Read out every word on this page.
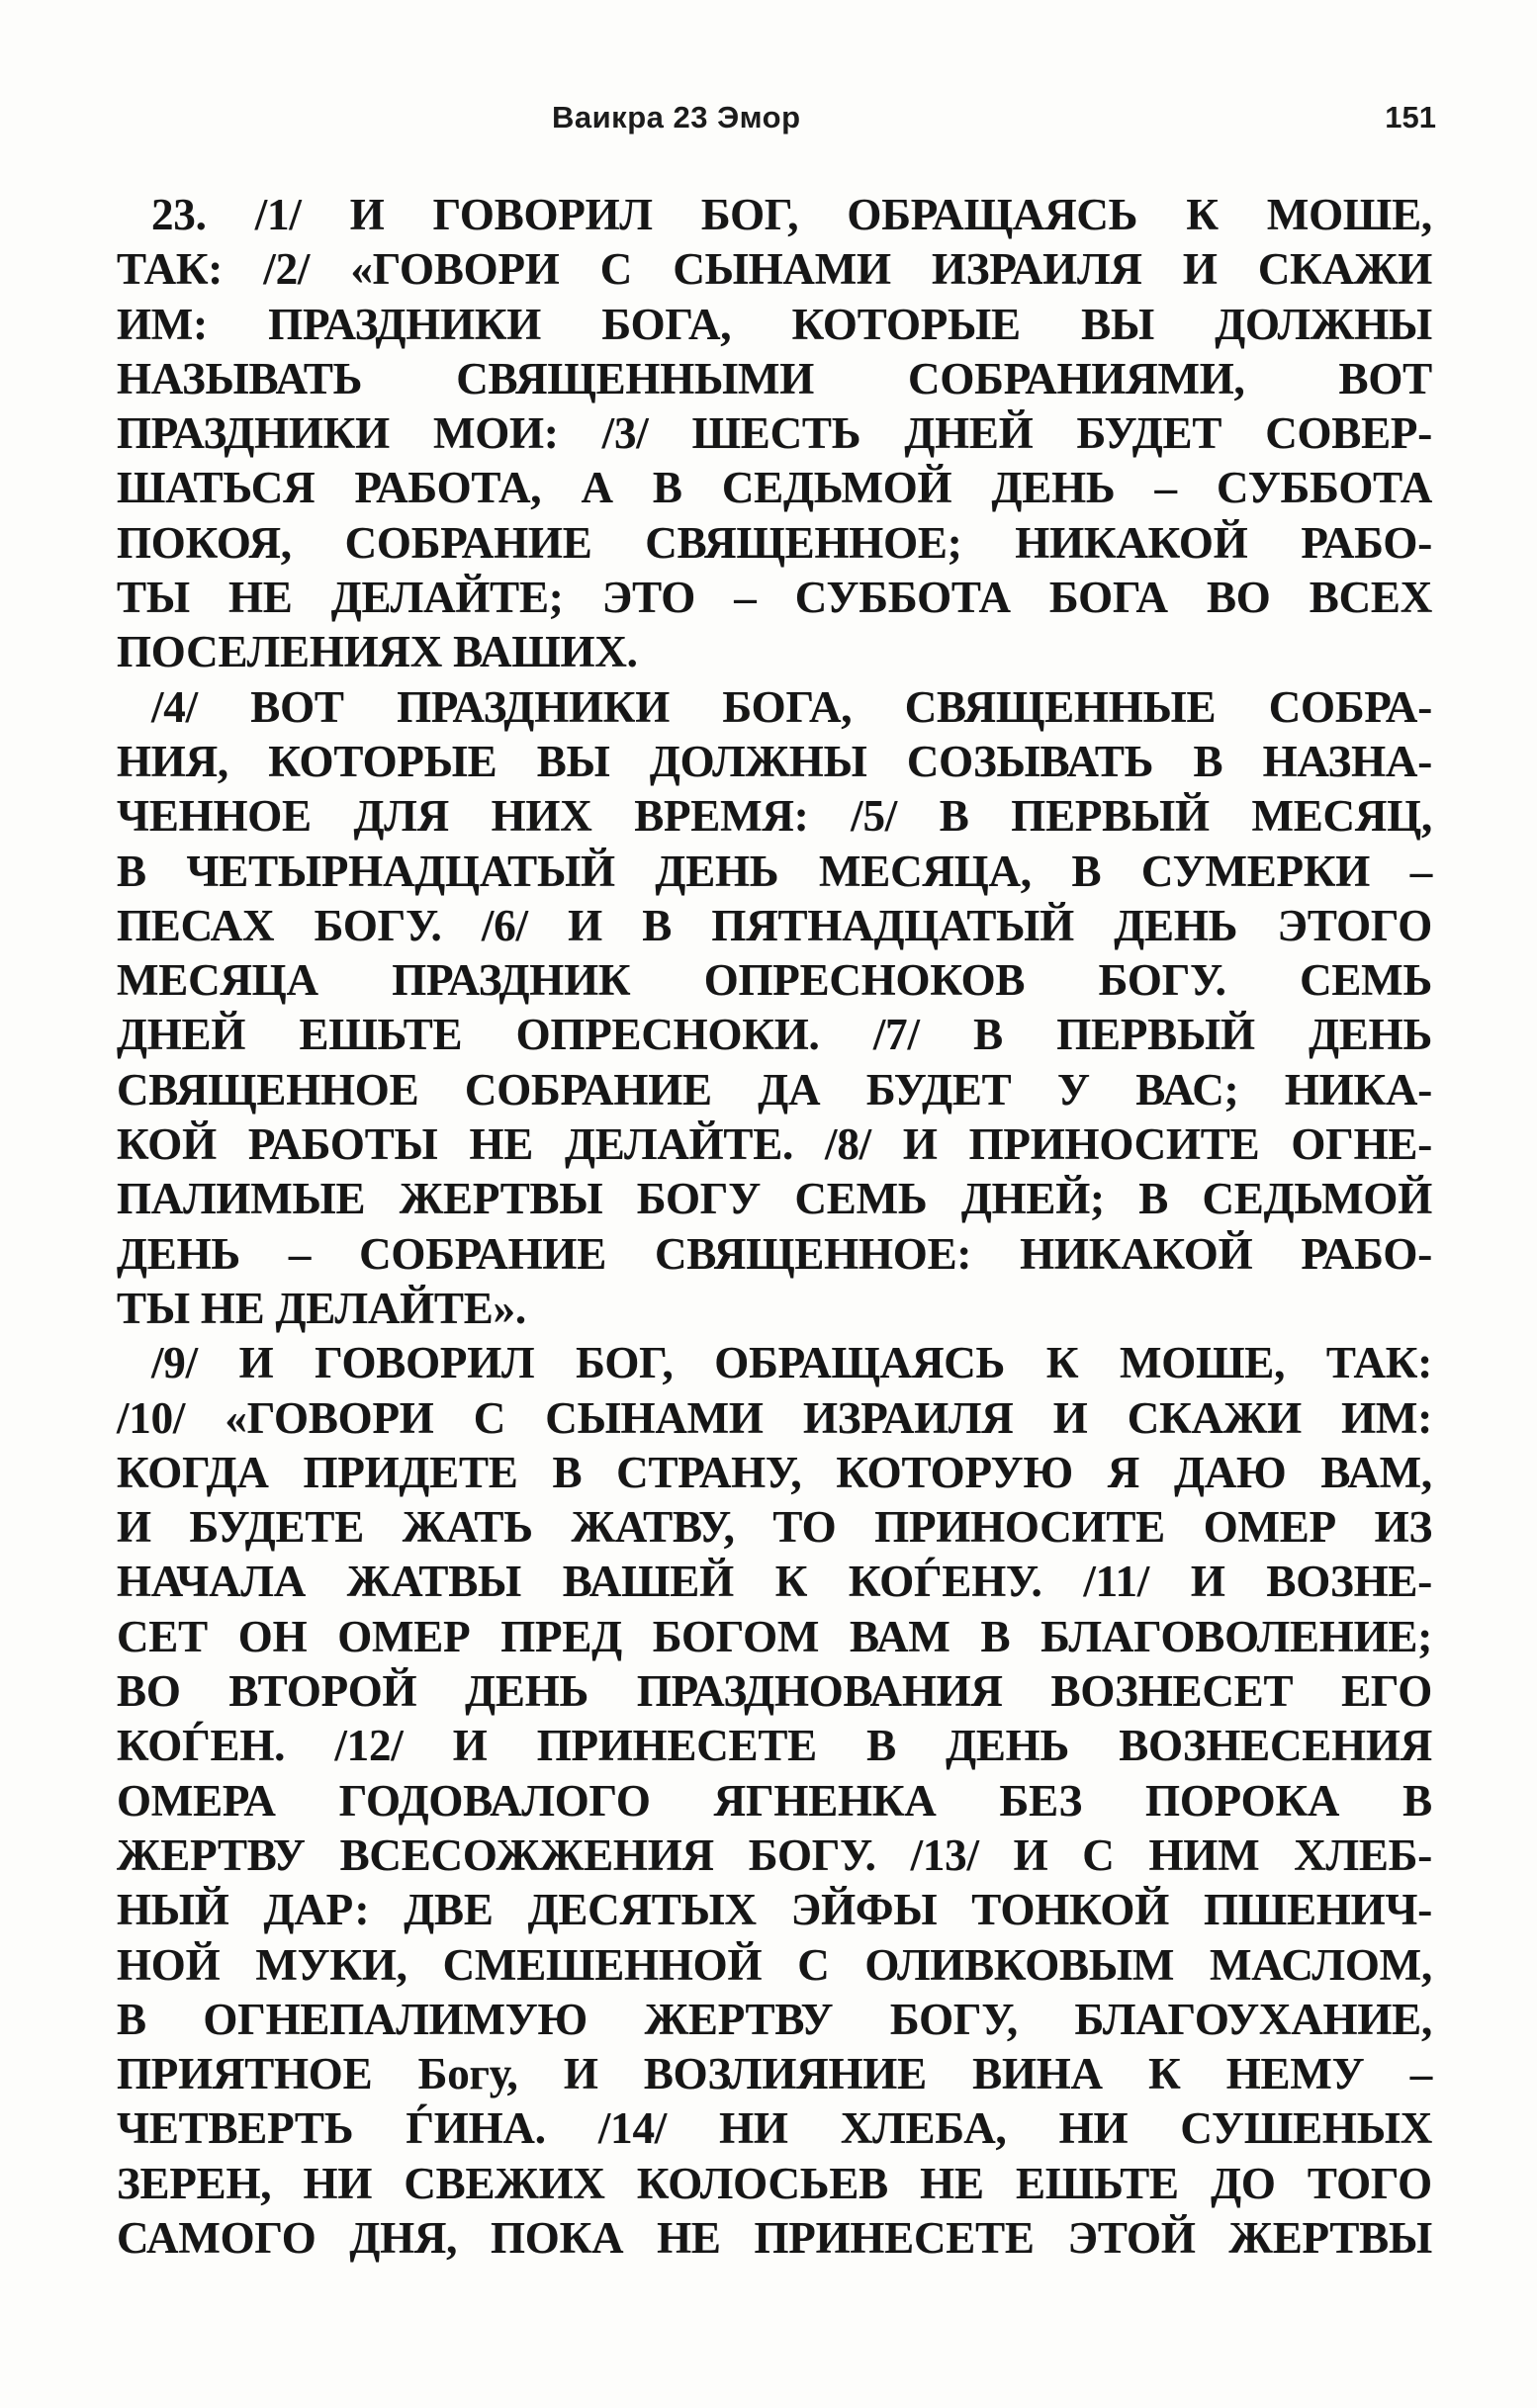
Ваикра 23 Эмор	151
23. /1/ И ГОВОРИЛ БОГ, ОБРАЩАЯСЬ К МОШЕ,
ТАК: /2/ «ГОВОРИ С СЫНАМИ ИЗРАИЛЯ И СКАЖИ
ИМ: ПРАЗДНИКИ БОГА, КОТОРЫЕ ВЫ ДОЛЖНЫ
НАЗЫВАТЬ СВЯЩЕННЫМИ СОБРАНИЯМИ, ВОТ
ПРАЗДНИКИ МОИ: /3/ ШЕСТЬ ДНЕЙ БУДЕТ СОВЕР-
ШАТЬСЯ РАБОТА, А В СЕДЬМОЙ ДЕНЬ – СУББОТА
ПОКОЯ, СОБРАНИЕ СВЯЩЕННОЕ; НИКАКОЙ РАБО-
ТЫ НЕ ДЕЛАЙТЕ; ЭТО – СУББОТА БОГА ВО ВСЕХ
ПОСЕЛЕНИЯХ ВАШИХ.
/4/ ВОТ ПРАЗДНИКИ БОГА, СВЯЩЕННЫЕ СОБРА-
НИЯ, КОТОРЫЕ ВЫ ДОЛЖНЫ СОЗЫВАТЬ В НАЗНА-
ЧЕННОЕ ДЛЯ НИХ ВРЕМЯ: /5/ В ПЕРВЫЙ МЕСЯЦ,
В ЧЕТЫРНАДЦАТЫЙ ДЕНЬ МЕСЯЦА, В СУМЕРКИ –
ПЕСАХ БОГУ. /6/ И В ПЯТНАДЦАТЫЙ ДЕНЬ ЭТОГО
МЕСЯЦА ПРАЗДНИК ОПРЕСНОКОВ БОГУ. СЕМЬ
ДНЕЙ ЕШЬТЕ ОПРЕСНОКИ. /7/ В ПЕРВЫЙ ДЕНЬ
СВЯЩЕННОЕ СОБРАНИЕ ДА БУДЕТ У ВАС; НИКА-
КОЙ РАБОТЫ НЕ ДЕЛАЙТЕ. /8/ И ПРИНОСИТЕ ОГНЕ-
ПАЛИМЫЕ ЖЕРТВЫ БОГУ СЕМЬ ДНЕЙ; В СЕДЬМОЙ
ДЕНЬ – СОБРАНИЕ СВЯЩЕННОЕ: НИКАКОЙ РАБО-
ТЫ НЕ ДЕЛАЙТЕ».
/9/ И ГОВОРИЛ БОГ, ОБРАЩАЯСЬ К МОШЕ, ТАК:
/10/ «ГОВОРИ С СЫНАМИ ИЗРАИЛЯ И СКАЖИ ИМ:
КОГДА ПРИДЕТЕ В СТРАНУ, КОТОРУЮ Я ДАЮ ВАМ,
И БУДЕТЕ ЖАТЬ ЖАТВУ, ТО ПРИНОСИТЕ ОМЕР ИЗ
НАЧАЛА ЖАТВЫ ВАШЕЙ К КОЃЕНУ. /11/ И ВОЗНЕ-
СЕТ ОН ОМЕР ПРЕД БОГОМ ВАМ В БЛАГОВОЛЕНИЕ;
ВО ВТОРОЙ ДЕНЬ ПРАЗДНОВАНИЯ ВОЗНЕСЕТ ЕГО
КОЃЕН. /12/ И ПРИНЕСЕТЕ В ДЕНЬ ВОЗНЕСЕНИЯ
ОМЕРА ГОДОВАЛОГО ЯГНЕНКА БЕЗ ПОРОКА В
ЖЕРТВУ ВСЕСОЖЖЕНИЯ БОГУ. /13/ И С НИМ ХЛЕБ-
НЫЙ ДАР: ДВЕ ДЕСЯТЫХ ЭЙФЫ ТОНКОЙ ПШЕНИЧ-
НОЙ МУКИ, СМЕШЕННОЙ С ОЛИВКОВЫМ МАСЛОМ,
В ОГНЕПАЛИМУЮ ЖЕРТВУ БОГУ, БЛАГОУХАНИЕ,
ПРИЯТНОЕ Богу, И ВОЗЛИЯНИЕ ВИНА К НЕМУ –
ЧЕТВЕРТЬ ЃИНА. /14/ НИ ХЛЕБА, НИ СУШЕНЫХ
ЗЕРЕН, НИ СВЕЖИХ КОЛОСЬЕВ НЕ ЕШЬТЕ ДО ТОГО
САМОГО ДНЯ, ПОКА НЕ ПРИНЕСЕТЕ ЭТОЙ ЖЕРТВЫ
